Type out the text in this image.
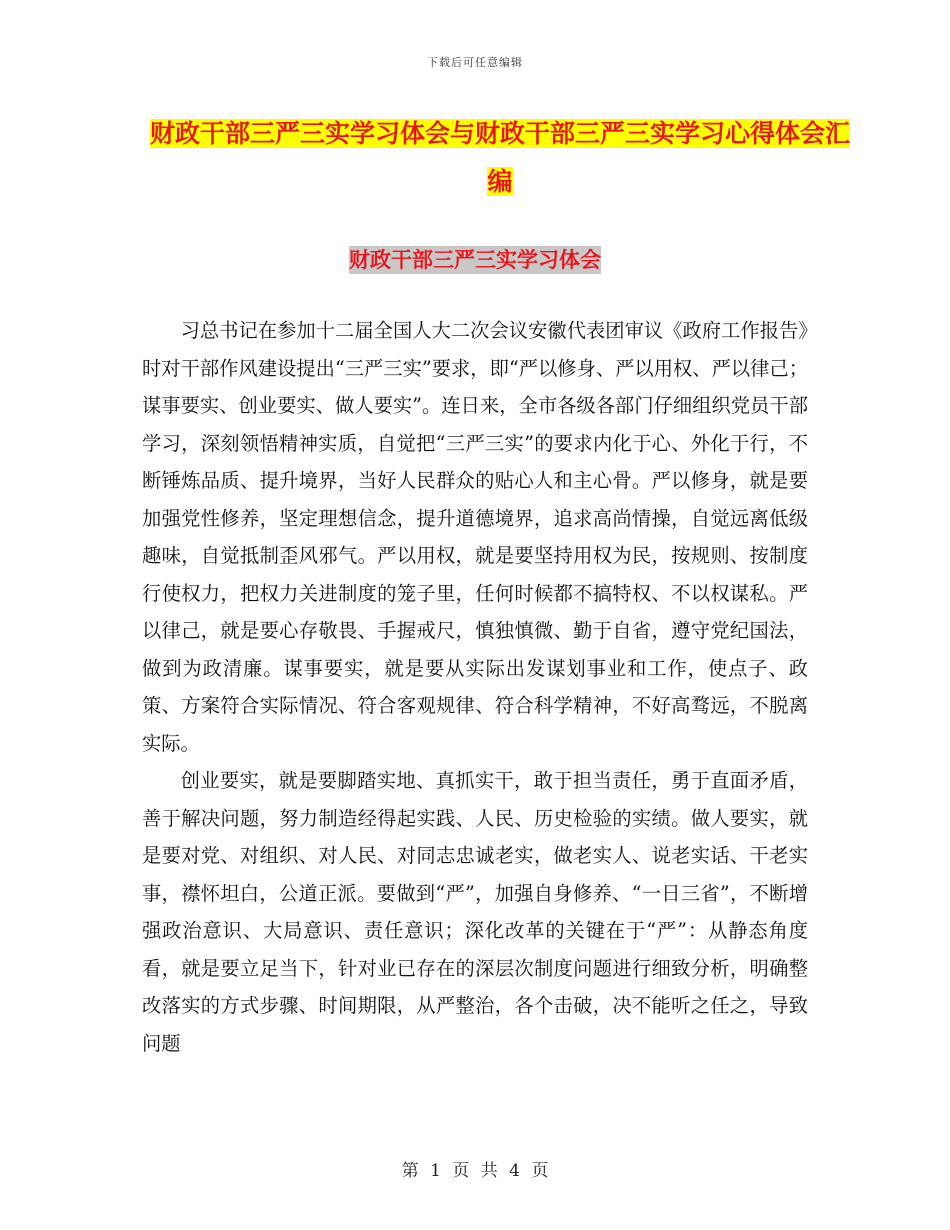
下载后可任意编辑
财政干部三严三实学习体会与财政干部三严三实学习心得体会汇编
财政干部三严三实学习体会

习总书记在参加十二届全国人大二次会议安徽代表团审议《政府工作报告》时对干部作风建设提出“三严三实”要求，即“严以修身、严以用权、严以律己；谋事要实、创业要实、做人要实”。连日来，全市各级各部门仔细组织党员干部学习，深刻领悟精神实质，自觉把“三严三实”的要求内化于心、外化于行，不断锤炼品质、提升境界，当好人民群众的贴心人和主心骨。严以修身，就是要加强党性修养，坚定理想信念，提升道德境界，追求高尚情操，自觉远离低级趣味，自觉抵制歪风邪气。严以用权，就是要坚持用权为民，按规则、按制度行使权力，把权力关进制度的笼子里，任何时候都不搞特权、不以权谋私。严以律己，就是要心存敬畏、手握戒尺，慎独慎微、勤于自省，遵守党纪国法，做到为政清廉。谋事要实，就是要从实际出发谋划事业和工作，使点子、政策、方案符合实际情况、符合客观规律、符合科学精神，不好高骛远，不脱离实际。

创业要实，就是要脚踏实地、真抓实干，敢于担当责任，勇于直面矛盾，善于解决问题，努力制造经得起实践、人民、历史检验的实绩。做人要实，就是要对党、对组织、对人民、对同志忠诚老实，做老实人、说老实话、干老实事，襟怀坦白，公道正派。要做到“严”，加强自身修养、“一日三省”，不断增强政治意识、大局意识、责任意识；深化改革的关键在于“严”：从静态角度看，就是要立足当下，针对业已存在的深层次制度问题进行细致分析，明确整改落实的方式步骤、时间期限，从严整治，各个击破，决不能听之任之，导致问题

第 1 页 共 4 页
